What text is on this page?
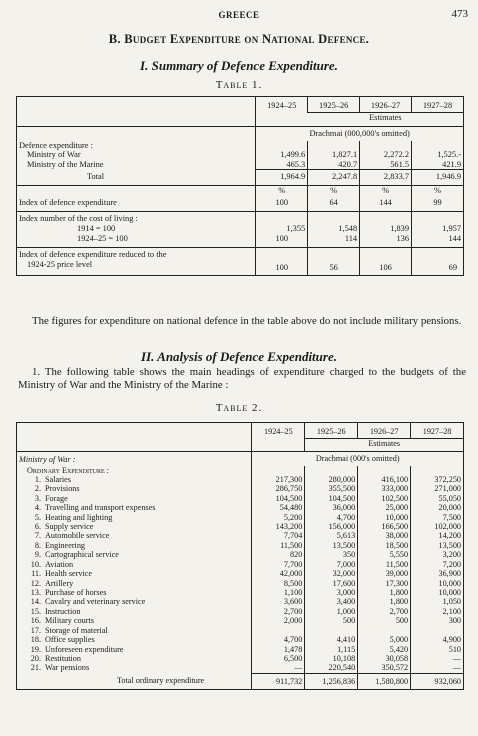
GREECE	473
B. Budget Expenditure on National Defence.
I. Summary of Defence Expenditure.
Table 1.
	1924–25	1925–26	1926–27	1927–28
		Estimates		
	Drachmai (000,000's omitted)			
Defence expenditure :				
Ministry of War	1,499.6	1,827.1	2,272.2	1,525.-
Ministry of the Marine	465.3	420.7	561.5	421.9
Total	1,964.9	2,247.8	2,833.7	1,946.9
	%	%	%	%
Index of defence expenditure	100	64	144	99
Index number of the cost of living :				
1914 = 100	1,355	1,548	1,839	1,957
1924–25 = 100	100	114	136	144
Index of defence expenditure reduced to the				
1924-25 price level	100	56	106	69
The figures for expenditure on national defence in the table above do not include military pensions.
II. Analysis of Defence Expenditure.
1. The following table shows the main headings of expenditure charged to the budgets of the Ministry of War and the Ministry of the Marine :
Table 2.
	1924–25	1925–26	1926–27	1927–28
		Estimates		
Ministry of War :	Drachmai (000's omitted)			
Ordinary Expenditure :				
1. Salaries	217,300	280,000	416,100	372,250
2. Provisions	286,750	355,500	333,000	271,000
3. Forage	104,500	104,500	102,500	55,050
4. Travelling and transport expenses	54,480	36,000	25,000	20,000
5. Heating and lighting	5,200	4,700	10,000	7,500
6. Supply service	143,200	156,000	166,500	102,000
7. Automobile service	7,704	5,613	38,000	14,200
8. Engineering	11,500	13,500	18,500	13,500
9. Cartographical service	820	350	5,550	3,200
10. Aviation	7,700	7,000	11,500	7,200
11. Health service	42,000	32,000	39,000	36,900
12. Artillery	8,500	17,600	17,300	10,000
13. Purchase of horses	1,100	3,000	1,800	10,000
14. Cavalry and veterinary service	3,600	3,400	1,800	1,050
15. Instruction	2,700	1,000	2,700	2,100
16. Military courts	2,000	500	500	300
17. Storage of material				
18. Office supplies	4,700	4,410	5,000	4,900
19. Unforeseen expenditure	1,478	1,115	5,420	510
20. Restitution	6,500	10,108	30,058	—
21. War pensions	—	220,540	350,572	—
Total ordinary expenditure	911,732	1,256,836	1,580,800	932,060
